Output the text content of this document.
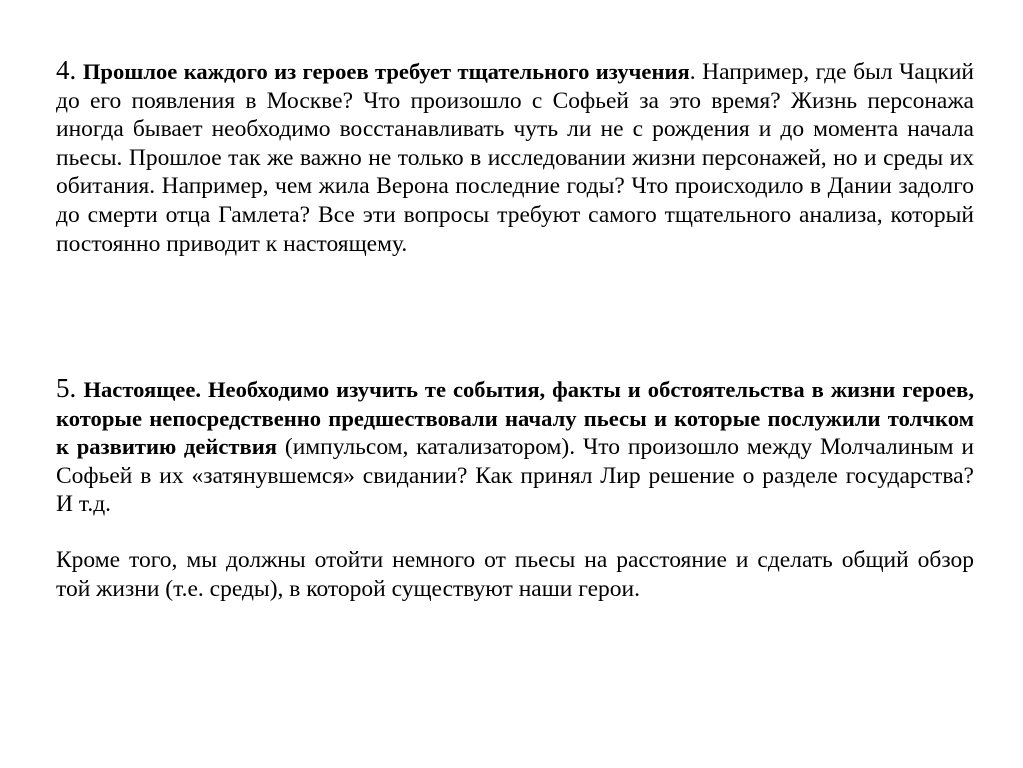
4. Прошлое каждого из героев требует тщательного изучения. Например, где был Чацкий до его появления в Москве? Что произошло с Софьей за это время? Жизнь персонажа иногда бывает необходимо восстанавливать чуть ли не с рождения и до момента начала пьесы. Прошлое так же важно не только в исследовании жизни персонажей, но и среды их обитания. Например, чем жила Верона последние годы? Что происходило в Дании задолго до смерти отца Гамлета? Все эти вопросы требуют самого тщательного анализа, который постоянно приводит к настоящему.

5. Настоящее. Необходимо изучить те события, факты и обстоятельства в жизни героев, которые непосредственно предшествовали началу пьесы и которые послужили толчком к развитию действия (импульсом, катализатором). Что произошло между Молчалиным и Софьей в их «затянувшемся» свидании? Как принял Лир решение о разделе государства? И т.д.

Кроме того, мы должны отойти немного от пьесы на расстояние и сделать общий обзор той жизни (т.е. среды), в которой существуют наши герои.
